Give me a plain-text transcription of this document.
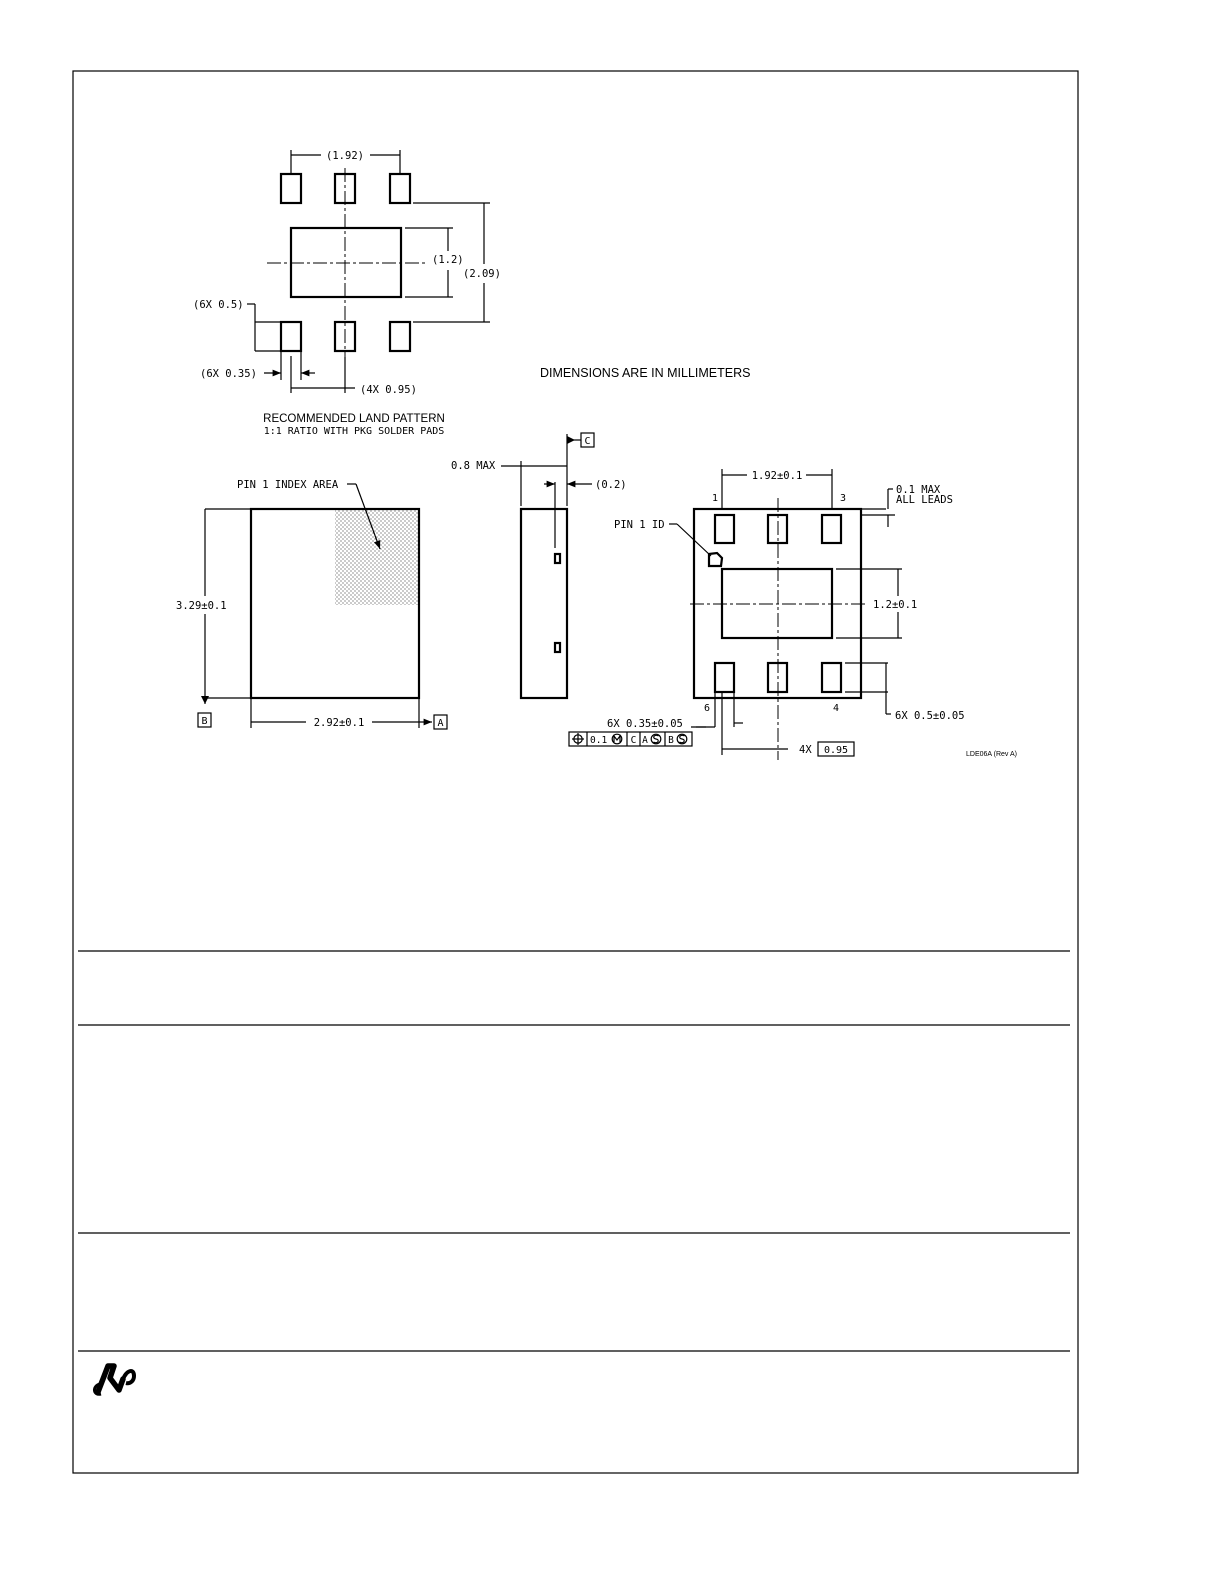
(1.92)
(1.2)
(2.09)
(6X 0.5)
(6X 0.35)
(4X 0.95)
RECOMMENDED LAND PATTERN
1:1 RATIO WITH PKG SOLDER PADS
DIMENSIONS ARE IN MILLIMETERS
PIN 1 INDEX AREA
3.29±0.1
2.92±0.1
B	A
0.8 MAX
(0.2)
C
1.92±0.1
0.1 MAX
ALL LEADS
PIN 1 ID
1	3
4
6
1.2±0.1
6X 0.5±0.05
6X 0.35±0.05
0.1 C A B
4X 0.95	LDE06A (Rev A)
